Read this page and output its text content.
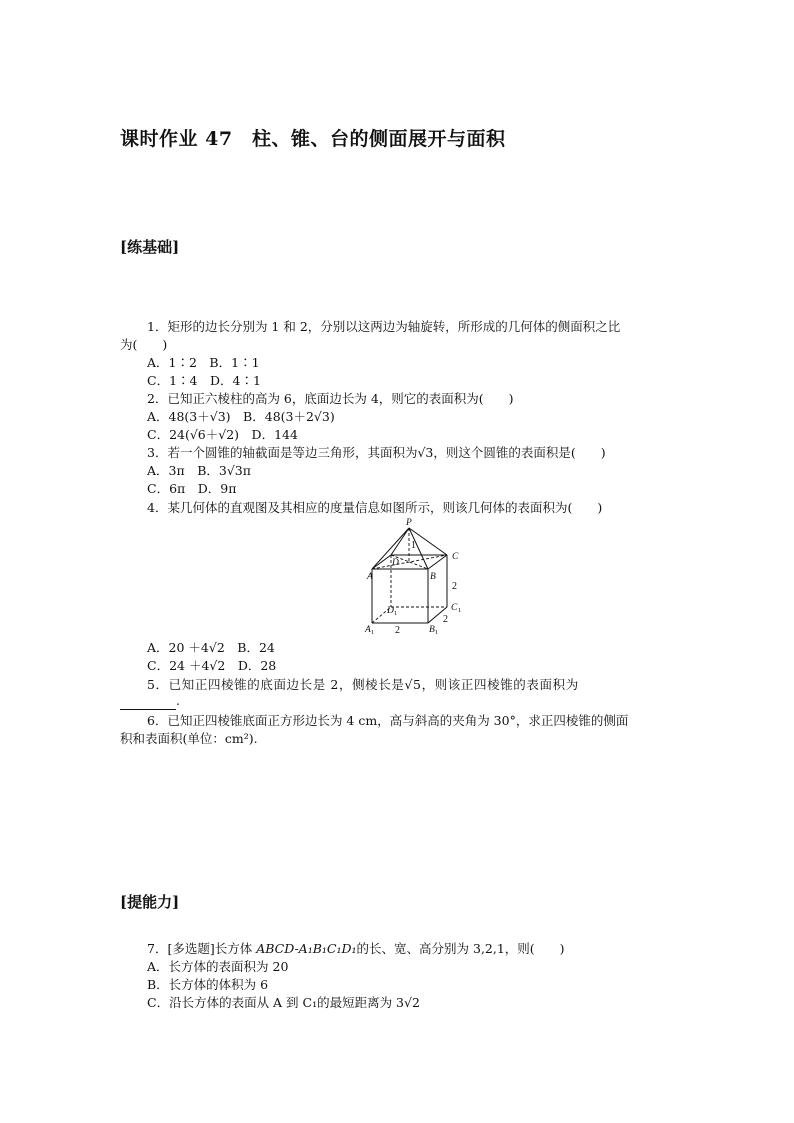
课时作业 47　柱、锥、台的侧面展开与面积
[练基础]
1．矩形的边长分别为 1 和 2，分别以这两边为轴旋转，所形成的几何体的侧面积之比
为(　　)
A．1∶2　B．1∶1
C．1∶4　D．4∶1
2．已知正六棱柱的高为 6，底面边长为 4，则它的表面积为(　　)
A．48(3＋√3)　B．48(3＋2√3)
C．24(√6＋√2)　D．144
3．若一个圆锥的轴截面是等边三角形，其面积为√3，则这个圆锥的表面积是(　　)
A．3π　B．3√3π
C．6π　D．9π
4．某几何体的直观图及其相应的度量信息如图所示，则该几何体的表面积为(　　)
P
A	B
C
D
A	B
C
D
1	1
1
1
1
2
2
2
A．20 ＋4√2　B．24
C．24 ＋4√2　D．28
5．已知正四棱锥的底面边长是 2，侧棱长是√5，则该正四棱锥的表面积为
.
6．已知正四棱锥底面正方形边长为 4 cm，高与斜高的夹角为 30°，求正四棱锥的侧面
积和表面积(单位：cm²).
[提能力]
7．[多选题]长方体 ABCD-A₁B₁C₁D₁的长、宽、高分别为 3,2,1，则(　　)
A．长方体的表面积为 20
B．长方体的体积为 6
C．沿长方体的表面从 A 到 C₁的最短距离为 3√2
